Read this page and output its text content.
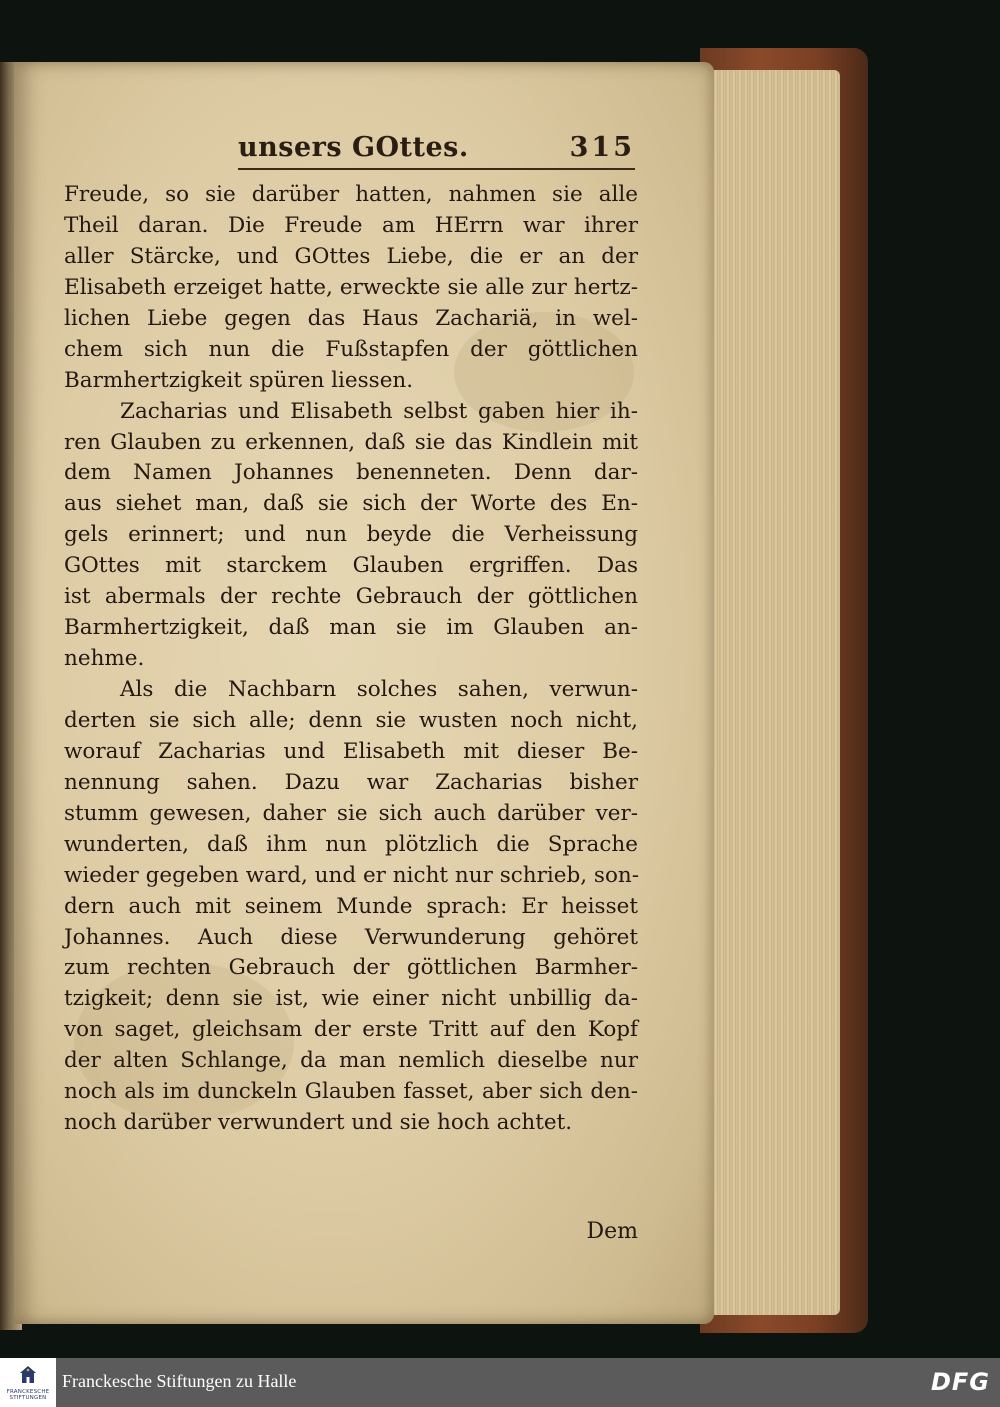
unsers GOttes.	315
Freude, so sie darüber hatten, nahmen sie alle
Theil daran. Die Freude am HErrn war ihrer
aller Stärcke, und GOttes Liebe, die er an der
Elisabeth erzeiget hatte, erweckte sie alle zur hertz-
lichen Liebe gegen das Haus Zachariä, in wel-
chem sich nun die Fußstapfen der göttlichen
Barmhertzigkeit spüren liessen.
Zacharias und Elisabeth selbst gaben hier ih-
ren Glauben zu erkennen, daß sie das Kindlein mit
dem Namen Johannes benenneten. Denn dar-
aus siehet man, daß sie sich der Worte des En-
gels erinnert; und nun beyde die Verheissung
GOttes mit starckem Glauben ergriffen. Das
ist abermals der rechte Gebrauch der göttlichen
Barmhertzigkeit, daß man sie im Glauben an-
nehme.
Als die Nachbarn solches sahen, verwun-
derten sie sich alle; denn sie wusten noch nicht,
worauf Zacharias und Elisabeth mit dieser Be-
nennung sahen. Dazu war Zacharias bisher
stumm gewesen, daher sie sich auch darüber ver-
wunderten, daß ihm nun plötzlich die Sprache
wieder gegeben ward, und er nicht nur schrieb, son-
dern auch mit seinem Munde sprach: Er heisset
Johannes. Auch diese Verwunderung gehöret
zum rechten Gebrauch der göttlichen Barmher-
tzigkeit; denn sie ist, wie einer nicht unbillig da-
von saget, gleichsam der erste Tritt auf den Kopf
der alten Schlange, da man nemlich dieselbe nur
noch als im dunckeln Glauben fasset, aber sich den-
noch darüber verwundert und sie hoch achtet.
Dem
FRANCKESCHE
STIFTUNGEN
Franckesche Stiftungen zu Halle	DFG
